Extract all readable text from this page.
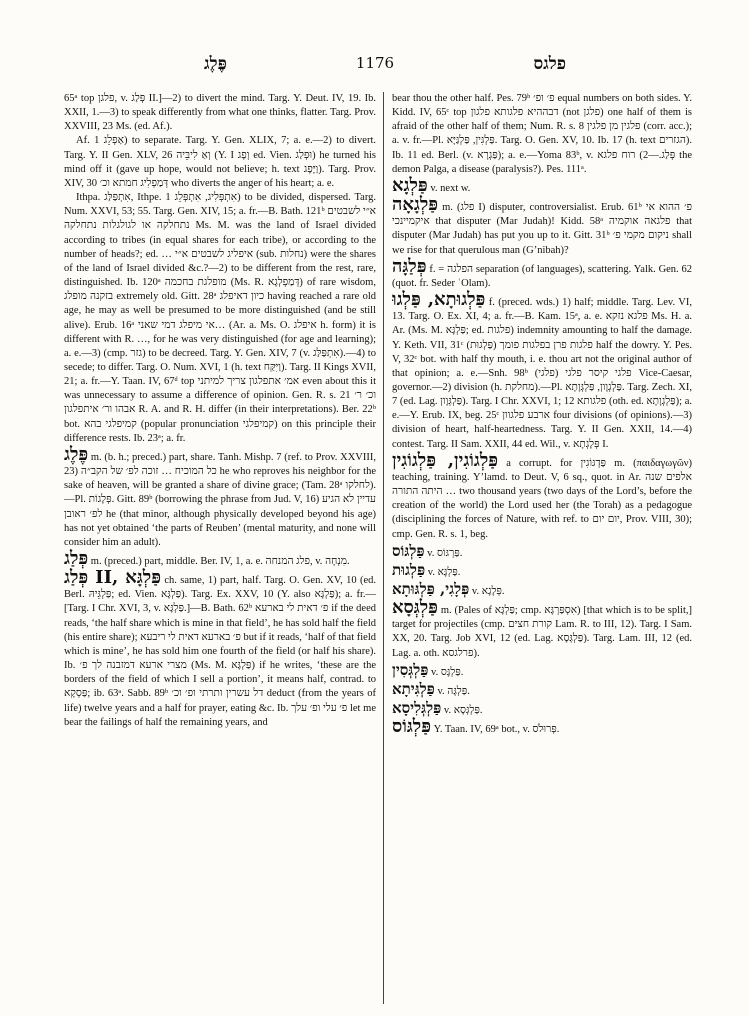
פֶּלֶג	1176	פלגס

65ᵃ top פלגן, v. פְּלַג II.]—2) to divert the mind. Targ. Y. Deut. IV, 19. Ib. XXII, 1.—3) to speak differently from what one thinks, flatter. Targ. Prov. XXVIII, 23 Ms. (ed. Af.).

Af. אַפְלֵג 1) to separate. Targ. Y. Gen. XLIX, 7; a. e.—2) to divert. Targ. Y. II Gen. XLV, 26 וְאַ לִיבֵּיה (Y. I וְפָג ed. Vien. וּפְלַג) he turned his mind off it (gave up hope, would not believe; h. text וַיָּפָג). Targ. Prov. XIV, 30 דְּמַפְלִיג חמתא וכ׳ who diverts the anger of his heart; a. e.

Ithpa. אִתְפַּלַּג, Ithpe. אִתְפְּלִיג, אִתְפְּלֵג 1) to be divided, dispersed. Targ. Num. XXVI, 53; 55. Targ. Gen. XIV, 15; a. fr.—B. Bath. 121ᵇ א״י לשבטים נתחלקה או לגולגלות נתחלקה Ms. M. was the land of Israel divided according to tribes (in equal shares for each tribe), or according to the number of heads?; ed. … איפליג לשבטים א״י (sub. נחלות) were the shares of the land of Israel divided &c.?—2) to be different from the rest, rare, distinguished. Ib. 120ᵃ מופלגת בחכמה (Ms. R. דְּמַפְלְגָא) of rare wisdom, בזקנה מופלג extremely old. Gitt. 28ᵃ כיון דאיפלג having reached a rare old age, he may as well be presumed to be more distinguished (and be still alive). Erub. 16ᵃ אי מיפלג דמי שאני… (Ar. a. Ms. O. איפלג h. form) it is different with R. …, for he was very distinguished (for age and learning); a. e.—3) (cmp. גזר) to be decreed. Targ. Y. Gen. XIV, 7 (v. אִתְפַּלַּג).—4) to secede; to differ. Targ. O. Num. XVI, 1 (h. text וַיִּקַּח). Targ. II Kings XVII, 21; a. fr.—Y. Taan. IV, 67ᵈ top אמ׳ אתפלגון צריך למיתני even about this it was unnecessary to assume a difference of opinion. Gen. R. s. 21 וכ׳ ר׳ אבהו ור׳ איתפלגון R. A. and R. H. differ (in their interpretations). Ber. 22ᵇ bot. קמיפלגי בהא (popular pronunciation קמיפלגי) on this principle their difference rests. Ib. 23ᵃ; a. fr.

פֶּלֶג m. (b. h.; preced.) part, share. Tanh. Mishp. 7 (ref. to Prov. XXVIII, 23) כל המוכיח … זוכה לפ׳ של הקב״ה he who reproves his neighbor for the sake of heaven, will be granted a share of divine grace; (Tam. 28ᵃ לחלקו).—Pl. פְּלָגוֹת. Gitt. 89ᵇ (borrowing the phrase from Jud. V, 16) עדיין לא הגיע לפ׳ ראובן he (that minor, although physically developed beyond his age) has not yet obtained ‘the parts of Reuben’ (mental maturity, and none will consider him an adult).

פְּלַג m. (preced.) part, middle. Ber. IV, 1, a. e. פלג המנחה, v. מִנְחָה.

פְּלַג II, פַּלְגָּא ch. same, 1) part, half. Targ. O. Gen. XV, 10 (ed. Berl. פַּלְגֵּיהּ; ed. Vien. פַּלְגָּא). Targ. Ex. XXV, 10 (Y. also פַּלְגָּא); a. fr.—[Targ. I Chr. XVI, 3, v. פַּלְגָּא.]—B. Bath. 62ᵇ פ׳ דאית לי בארעא if the deed reads, ‘the half share which is mine in that field’, he has sold half the field (his entire share); פ׳ בארעא דאית לי ריבעא but if it reads, ‘half of that field which is mine’, he has sold him one fourth of the field (or half his share). Ib. מצרי ארעא דמזבנה לך פ׳ (Ms. M. פַּלְגָּא) if he writes, ‘these are the borders of the field of which I sell a portion’, it means half, contrad. to פַּסְקָא; ib. 63ᵃ. Sabb. 89ᵇ דל עשרין ותרתי ופ׳ וכ׳ deduct (from the years of life) twelve years and a half for prayer, eating &c. Ib. פ׳ עלי ופ׳ עלך let me bear the failings of half the remaining years, and

bear thou the other half. Pes. 79ᵇ פ׳ ופ׳ equal numbers on both sides. Y. Kidd. IV, 65ᶜ top דבההיא פלגותא פלגון (not פלגן) one half of them is afraid of the other half of them; Num. R. s. 8 פלגין מן פלגין (corr. acc.); a. v. fr.—Pl. פַּלְגִּין, פַּלְגַּיָּא. Targ. O. Gen. XV, 10. Ib. 17 (h. text הגזרים). Ib. 11 ed. Berl. (v. פַּגְרָא); a. e.—Yoma 83ᵇ, v. פְּלַג.—2) רוח פלגא the demon Palga, a disease (paralysis?). Pes. 111ᵃ.

פַּלְגָא v. next w.

פַּלְגָאָה m. (פלג I) disputer, controversialist. Erub. 61ᵇ פ׳ ההוא אי איקמיינכי that disputer (Mar Judah)! Kidd. 58ᵃ פלגאה אוקמיה that disputer (Mar Judah) has put you up to it. Gitt. 31ᵇ ניקום מקמי פ׳ shall we rise for that querulous man (G’nibah)?

פְּלַגָּה f. = הפלגה separation (of languages), scattering. Yalk. Gen. 62 (quot. fr. Seder ʿOlam).

פַּלְגוּתָא, פַּלְגוּ f. (preced. wds.) 1) half; middle. Targ. Lev. VI, 13. Targ. O. Ex. XI, 4; a. fr.—B. Kam. 15ᵃ, a. e. פלגא נזקא Ms. H. a. Ar. (Ms. M. פַּלְגָּא; ed. פלגות) indemnity amounting to half the damage. Y. Keth. VII, 31ᶜ פלגות פרן בפלגות פומך (פַּלְגוּת) half the dowry. Y. Pes. V, 32ᶜ bot. with half thy mouth, i. e. thou art not the original author of that opinion; a. e.—Snh. 98ᵇ פלגי קיסר פלגי (פלגי) Vice-Caesar, governor.—2) division (h. מחלקת).—Pl. פַּלְגְוָון, פַּלְגְּוָתָא. Targ. Zech. XI, 7 (ed. Lag. פַּלְגְּוָון). Targ. I Chr. XXVI, 1; 12 פלגותא (oth. ed. פַּלְגְוָתָא); a. e.—Y. Erub. IX, beg. 25ᶜ ארבע פלגוון four divisions (of opinions).—3) division of heart, half-heartedness. Targ. Y. II Gen. XXII, 14.—4) contest. Targ. II Sam. XXII, 44 ed. Wil., v. פְּלָגְתָא I.

פַּלְגוֹגִין, פַּלְגוֹגִין a corrupt. for פַּדְגּוֹגִין m. (παιδαγωγῶν) teaching, training. Y’lamd. to Deut. V, 6 sq., quot. in Ar. אלפים שנה היתה התורה … two thousand years (two days of the Lord’s, before the creation of the world) the Lord used her (the Torah) as a pedagogue (disciplining the forces of Nature, with ref. to יום יום, Prov. VIII, 30); cmp. Gen. R. s. 1, beg.

פַּלְגּוֹס v. פַּרְגּוֹס.

פַּלְגוּת v. פַּלְגָּא.

פְּלָגִי, פַּלְגּוּתָא v. פְּלָגָא.

פַּלְגְּסָא m. (Pales of פַּלְגָּא; cmp. אִסְפַּרְגָּא) [that which is to be split,] target for projectiles (cmp. קורת חצים Lam. R. to III, 12). Targ. I Sam. XX, 20. Targ. Job XVI, 12 (ed. Lag. פַּלְגְּסָא). Targ. Lam. III, 12 (ed. Lag. a. oth. פרלגסא).

פַּלְגְּסִין v. פַּלְגָּס.

פַּלְגִּיתָא v. פַּלְגָּה.

פַּלְגְּלִיסָא v. פַּלְגְּסָא.

פַּלְגּוֹס Y. Taan. IV, 69ᵃ bot., v. פְּרוּלֹס.
